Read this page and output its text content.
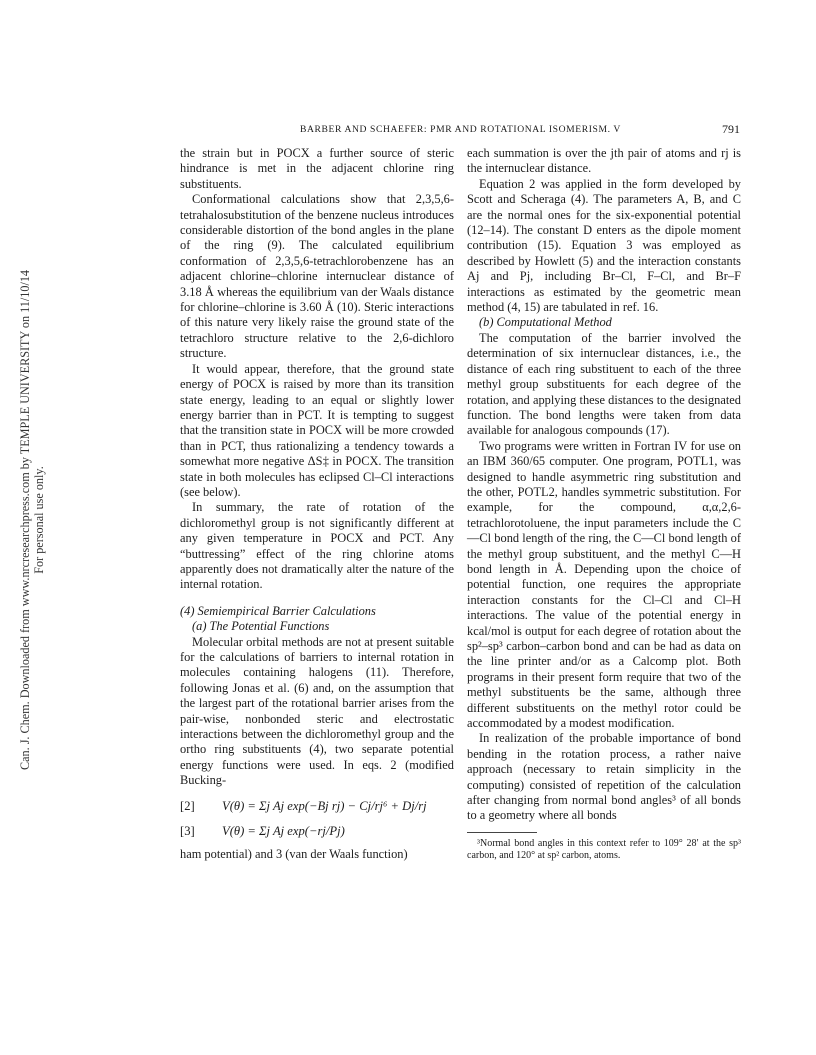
Can. J. Chem. Downloaded from www.nrcresearchpress.com by TEMPLE UNIVERSITY on 11/10/14 For personal use only.
BARBER AND SCHAEFER: PMR AND ROTATIONAL ISOMERISM. V	791

the strain but in POCX a further source of steric hindrance is met in the adjacent chlorine ring substituents.

Conformational calculations show that 2,3,5,6-tetrahalosubstitution of the benzene nucleus introduces considerable distortion of the bond angles in the plane of the ring (9). The calculated equilibrium conformation of 2,3,5,6-tetrachlorobenzene has an adjacent chlorine–chlorine internuclear distance of 3.18 Å whereas the equilibrium van der Waals distance for chlorine–chlorine is 3.60 Å (10). Steric interactions of this nature very likely raise the ground state of the tetrachloro structure relative to the 2,6-dichloro structure.

It would appear, therefore, that the ground state energy of POCX is raised by more than its transition state energy, leading to an equal or slightly lower energy barrier than in PCT. It is tempting to suggest that the transition state in POCX will be more crowded than in PCT, thus rationalizing a tendency towards a somewhat more negative ΔS‡ in POCX. The transition state in both molecules has eclipsed Cl–Cl interactions (see below).

In summary, the rate of rotation of the dichloromethyl group is not significantly different at any given temperature in POCX and PCT. Any “buttressing” effect of the ring chlorine atoms apparently does not dramatically alter the nature of the internal rotation.

(4) Semiempirical Barrier Calculations

(a) The Potential Functions

Molecular orbital methods are not at present suitable for the calculations of barriers to internal rotation in molecules containing halogens (11). Therefore, following Jonas et al. (6) and, on the assumption that the largest part of the rotational barrier arises from the pair-wise, nonbonded steric and electrostatic interactions between the dichloromethyl group and the ortho ring substituents (4), two separate potential energy functions were used. In eqs. 2 (modified Bucking-

[2]	V(θ) = Σj Aj exp(−Bj rj) − Cj/rj⁶ + Dj/rj
[3]	V(θ) = Σj Aj exp(−rj/Pj)

ham potential) and 3 (van der Waals function)

each summation is over the jth pair of atoms and rj is the internuclear distance.

Equation 2 was applied in the form developed by Scott and Scheraga (4). The parameters A, B, and C are the normal ones for the six-exponential potential (12–14). The constant D enters as the dipole moment contribution (15). Equation 3 was employed as described by Howlett (5) and the interaction constants Aj and Pj, including Br–Cl, F–Cl, and Br–F interactions as estimated by the geometric mean method (4, 15) are tabulated in ref. 16.

(b) Computational Method

The computation of the barrier involved the determination of six internuclear distances, i.e., the distance of each ring substituent to each of the three methyl group substituents for each degree of the rotation, and applying these distances to the designated function. The bond lengths were taken from data available for analogous compounds (17).

Two programs were written in Fortran IV for use on an IBM 360/65 computer. One program, POTL1, was designed to handle asymmetric ring substitution and the other, POTL2, handles symmetric substitution. For example, for the compound, α,α,2,6-tetrachlorotoluene, the input parameters include the C—Cl bond length of the ring, the C—Cl bond length of the methyl group substituent, and the methyl C—H bond length in Å. Depending upon the choice of potential function, one requires the appropriate interaction constants for the Cl–Cl and Cl–H interactions. The value of the potential energy in kcal/mol is output for each degree of rotation about the sp²–sp³ carbon–carbon bond and can be had as data on the line printer and/or as a Calcomp plot. Both programs in their present form require that two of the methyl substituents be the same, although three different substituents on the methyl rotor could be accommodated by a modest modification.

In realization of the probable importance of bond bending in the rotation process, a rather naive approach (necessary to retain simplicity in the computing) consisted of repetition of the calculation after changing from normal bond angles³ of all bonds to a geometry where all bonds

³Normal bond angles in this context refer to 109° 28′ at the sp³ carbon, and 120° at sp² carbon, atoms.
